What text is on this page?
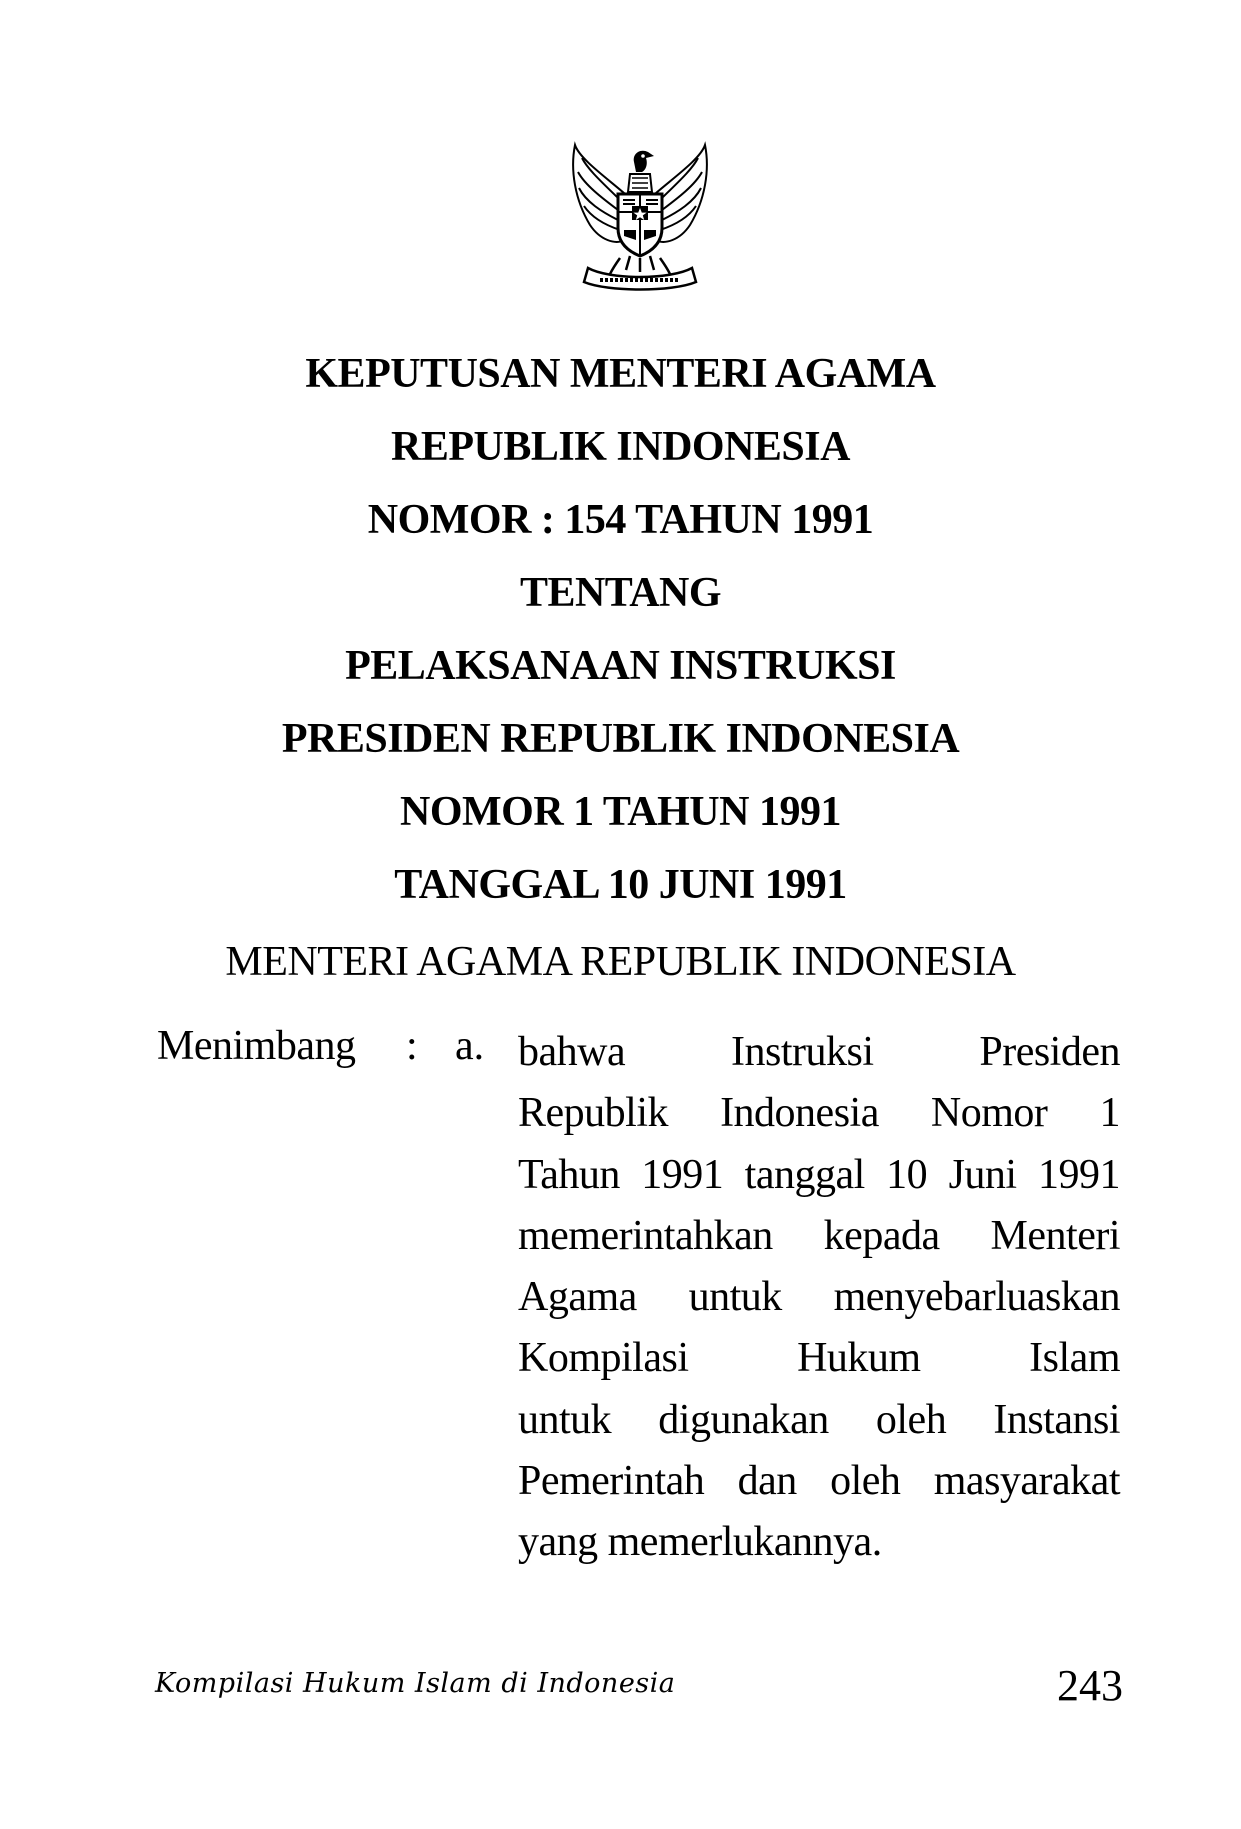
KEPUTUSAN MENTERI AGAMA
REPUBLIK INDONESIA
NOMOR : 154 TAHUN 1991
TENTANG
PELAKSANAAN INSTRUKSI
PRESIDEN REPUBLIK INDONESIA
NOMOR 1 TAHUN 1991
TANGGAL 10 JUNI 1991
MENTERI AGAMA REPUBLIK INDONESIA
Menimbang : a. bahwa Instruksi Presiden
Republik Indonesia Nomor 1
Tahun 1991 tanggal 10 Juni 1991
memerintahkan kepada Menteri
Agama untuk menyebarluaskan
Kompilasi Hukum Islam
untuk digunakan oleh Instansi
Pemerintah dan oleh masyarakat
yang memerlukannya.
Kompilasi Hukum Islam di Indonesia	243
